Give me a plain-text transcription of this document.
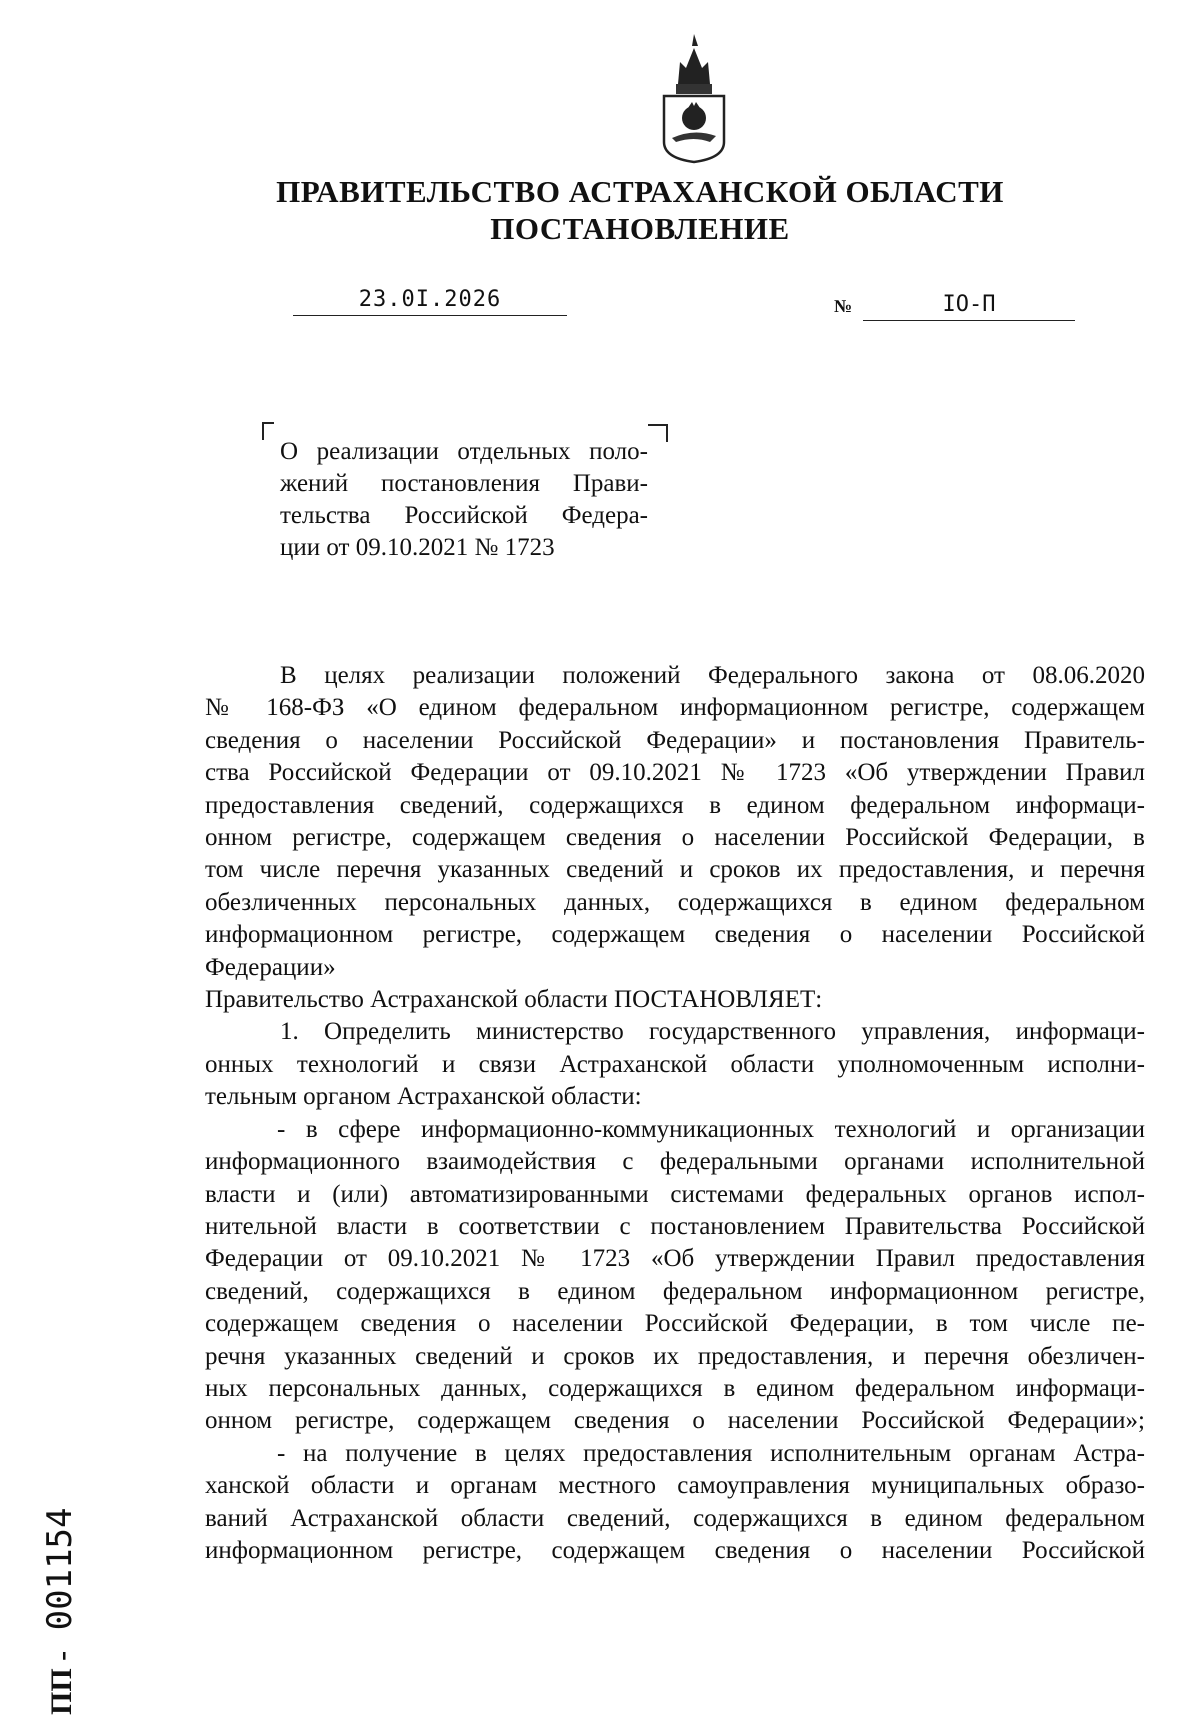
ПРАВИТЕЛЬСТВО АСТРАХАНСКОЙ ОБЛАСТИ
ПОСТАНОВЛЕНИЕ
23.0I.2026	№	IO-П
О реализации отдельных поло-
жений постановления Прави-
тельства Российской Федера-
ции от 09.10.2021 № 1723
В целях реализации положений Федерального закона от 08.06.2020
№ 168-ФЗ «О едином федеральном информационном регистре, содержащем
сведения о населении Российской Федерации» и постановления Правитель-
ства Российской Федерации от 09.10.2021 № 1723 «Об утверждении Правил
предоставления сведений, содержащихся в едином федеральном информаци-
онном регистре, содержащем сведения о населении Российской Федерации, в
том числе перечня указанных сведений и сроков их предоставления, и перечня
обезличенных персональных данных, содержащихся в едином федеральном
информационном регистре, содержащем сведения о населении Российской
Федерации»
Правительство Астраханской области ПОСТАНОВЛЯЕТ:
1. Определить министерство государственного управления, информаци-
онных технологий и связи Астраханской области уполномоченным исполни-
тельным органом Астраханской области:
- в сфере информационно-коммуникационных технологий и организации
информационного взаимодействия с федеральными органами исполнительной
власти и (или) автоматизированными системами федеральных органов испол-
нительной власти в соответствии с постановлением Правительства Российской
Федерации от 09.10.2021 № 1723 «Об утверждении Правил предоставления
сведений, содержащихся в едином федеральном информационном регистре,
содержащем сведения о населении Российской Федерации, в том числе пе-
речня указанных сведений и сроков их предоставления, и перечня обезличен-
ных персональных данных, содержащихся в едином федеральном информаци-
онном регистре, содержащем сведения о населении Российской Федерации»;
- на получение в целях предоставления исполнительным органам Астра-
ханской области и органам местного самоуправления муниципальных образо-
ваний Астраханской области сведений, содержащихся в едином федеральном
информационном регистре, содержащем сведения о населении Российской
ПП - 001154
